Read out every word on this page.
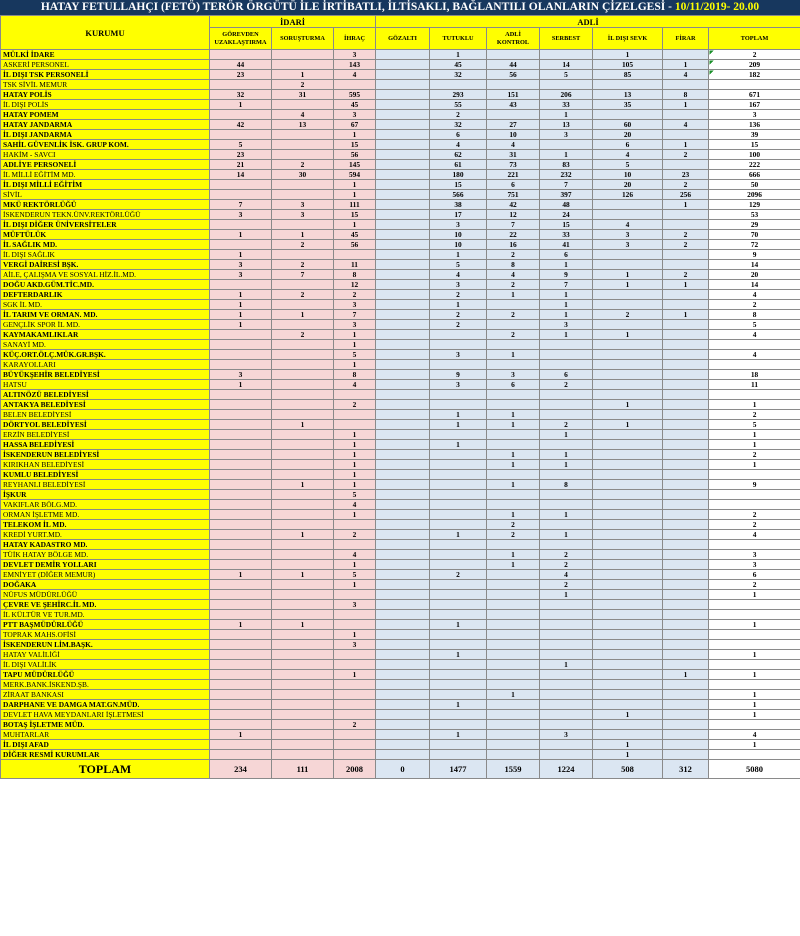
HATAY FETULLAHÇI (FETÖ) TERÖR ÖRGÜTÜ İLE İRTİBATLI, İLTİSAKLI, BAĞLANTILI OLANLARIN ÇİZELGESİ - 10/11/2019- 20.00
KURUMU	İDARİ			ADLİ						
	GÖREVDEN UZAKLAŞTIRMA	SORUŞTURMA	İHRAÇ	GÖZALTI	TUTUKLU	ADLİ KONTROL	SERBEST	İL DIŞI SEVK	FİRAR	TOPLAM
MÜLKİ İDARE			3		1			1		2
ASKERİ PERSONEL	44		143		45	44	14	105	1	209
İL DIŞI TSK PERSONELİ	23	1	4		32	56	5	85	4	182
TSK SİVİL MEMUR		2								
HATAY POLİS	32	31	595		293	151	206	13	8	671
İL DIŞI POLİS	1		45		55	43	33	35	1	167
HATAY POMEM		4	3		2		1			3
HATAY JANDARMA	42	13	67		32	27	13	60	4	136
İL DIŞI JANDARMA			1		6	10	3	20		39
SAHİL GÜVENLİK İSK. GRUP KOM.	5		15		4	4		6	1	15
HAKİM - SAVCI	23		56		62	31	1	4	2	100
ADLİYE PERSONELİ	21	2	145		61	73	83	5		222
İL MİLLİ EĞİTİM MD.	14	30	594		180	221	232	10	23	666
İL DIŞI MİLLİ EĞİTİM			1		15	6	7	20	2	50
SİVİL			1		566	751	397	126	256	2096
MKÜ REKTÖRLÜĞÜ	7	3	111		38	42	48		1	129
İSKENDERUN TEKN.ÜNV.REKTÖRLÜĞÜ	3	3	15		17	12	24			53
İL DIŞI DİĞER ÜNİVERSİTELER			1		3	7	15	4		29
MÜFTÜLÜK	1	1	45		10	22	33	3	2	70
İL SAĞLIK MD.		2	56		10	16	41	3	2	72
İL DIŞI SAĞLIK	1				1	2	6			9
VERGİ DAİRESİ BŞK.	3	2	11		5	8	1			14
AİLE, ÇALIŞMA VE SOSYAL HİZ.İL.MD.	3	7	8		4	4	9	1	2	20
DOĞU AKD.GÜM.TİC.MD.			12		3	2	7	1	1	14
DEFTERDARLIK	1	2	2		2	1	1			4
SGK İL MD.	1		3		1		1			2
İL TARIM VE ORMAN. MD.	1	1	7		2	2	1	2	1	8
GENÇLİK SPOR İL MD.	1		3		2		3			5
KAYMAKAMLIKLAR		2	1			2	1	1		4
SANAYİ MD.			1							
KÜÇ.ORT.ÖLÇ.MÜK.GR.BŞK.			5		3	1				4
KARAYOLLARI			1							
BÜYÜKŞEHİR BELEDİYESİ	3		8		9	3	6			18
HATSU	1		4		3	6	2			11
ALTINÖZÜ BELEDİYESİ										
ANTAKYA BELEDİYESİ			2					1		1
BELEN BELEDİYESİ					1	1				2
DÖRTYOL BELEDİYESİ		1			1	1	2	1		5
ERZİN BELEDİYESİ			1				1			1
HASSA BELEDİYESİ			1		1					1
İSKENDERUN BELEDİYESİ			1			1	1			2
KIRIKHAN BELEDİYESİ			1			1	1			1
KUMLU BELEDİYESİ			1							
REYHANLI BELEDİYESİ		1	1			1	8			9
İŞKUR			5							
VAKIFLAR BÖLG.MD.			4							
ORMAN İŞLETME MD.			1			1	1			2
TELEKOM İL MD.						2				2
KREDİ YURT.MD.		1	2		1	2	1			4
HATAY KADASTRO MD.										
TÜİK HATAY BÖLGE MD.			4			1	2			3
DEVLET DEMİR YOLLARI			1			1	2			3
EMNİYET (DİĞER MEMUR)	1	1	5		2		4			6
DOĞAKA			1				2			2
NÜFUS MÜDÜRLÜĞÜ							1			1
ÇEVRE VE ŞEHİRC.İL MD.			3							
İL KÜLTÜR VE TUR.MD.										
PTT BAŞMÜDÜRLÜĞÜ	1	1			1					1
TOPRAK MAHS.OFİSİ			1							
İSKENDERUN LİM.BAŞK.			3							
HATAY VALİLİĞİ					1					1
İL DIŞI VALİLİK							1			
TAPU MÜDÜRLÜĞÜ			1						1	1
MERK.BANK.İSKEND.ŞB.										
ZİRAAT BANKASI						1				1
DARPHANE VE DAMGA MAT.GN.MÜD.					1					1
DEVLET HAVA MEYDANLARI İŞLETMESİ								1		1
BOTAŞ İŞLETME MÜD.			2							
MUHTARLAR	1				1		3			4
İL DIŞI AFAD								1		1
DİĞER RESMİ KURUMLAR								1		
TOPLAM	234	111	2008	0	1477	1559	1224	508	312	5080
